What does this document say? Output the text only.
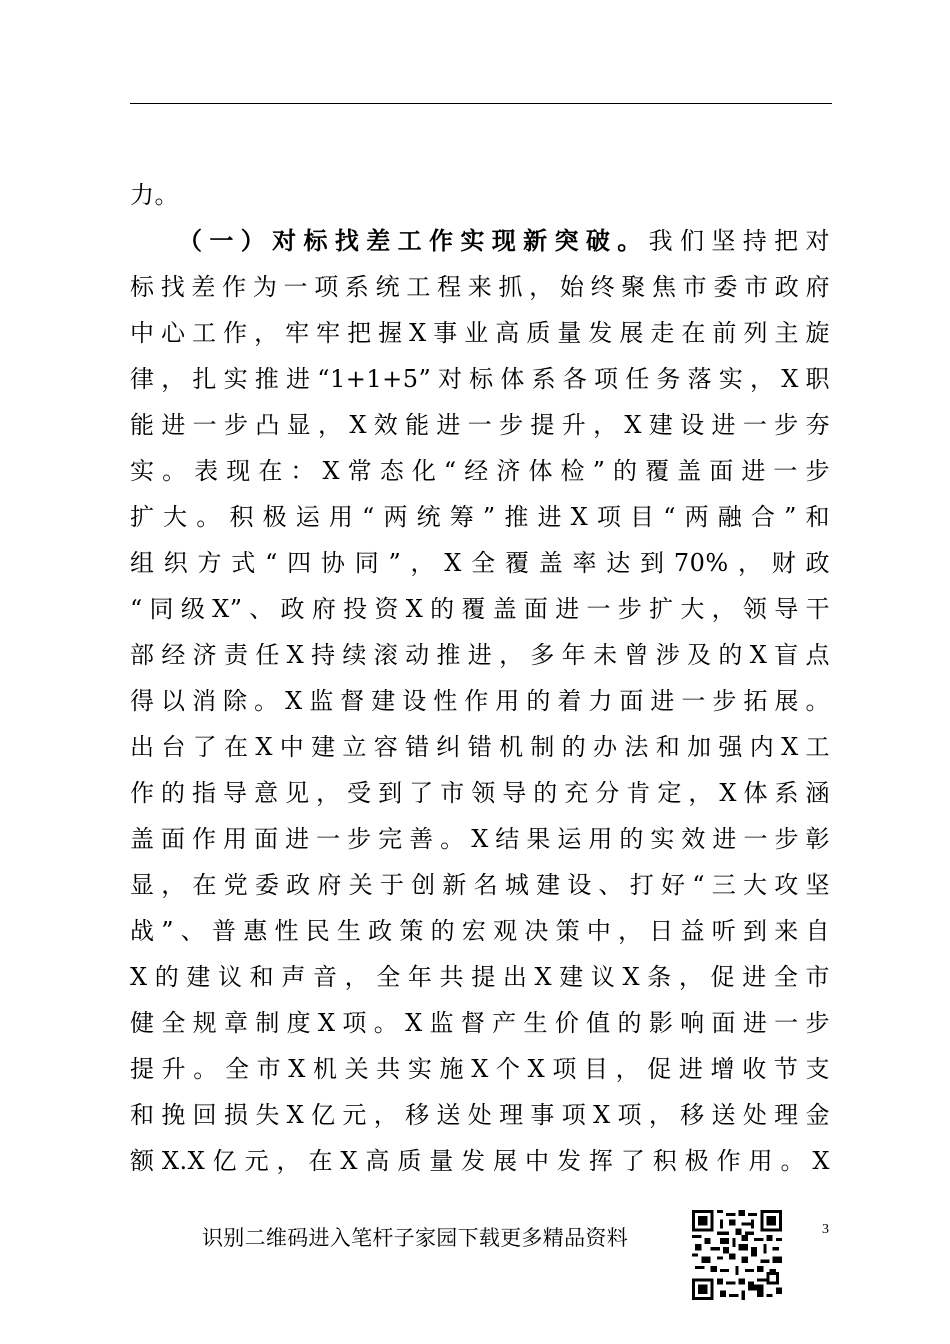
力。
（一）对标找差工作实现新突破。我们坚持把对
标找差作为一项系统工程来抓，始终聚焦市委市政府
中心工作，牢牢把握X事业高质量发展走在前列主旋
律，扎实推进“1+1+5”对标体系各项任务落实，X职
能进一步凸显，X效能进一步提升，X建设进一步夯
实。表现在：X常态化“经济体检”的覆盖面进一步
扩大。积极运用“两统筹”推进X项目“两融合”和
组织方式“四协同”，X全覆盖率达到70%，财政
“同级X”、政府投资X的覆盖面进一步扩大，领导干
部经济责任X持续滚动推进，多年未曾涉及的X盲点
得以消除。X监督建设性作用的着力面进一步拓展。
出台了在X中建立容错纠错机制的办法和加强内X工
作的指导意见，受到了市领导的充分肯定，X体系涵
盖面作用面进一步完善。X结果运用的实效进一步彰
显，在党委政府关于创新名城建设、打好“三大攻坚
战”、普惠性民生政策的宏观决策中，日益听到来自
X的建议和声音，全年共提出X建议X条，促进全市
健全规章制度X项。X监督产生价值的影响面进一步
提升。全市X机关共实施X个X项目，促进增收节支
和挽回损失X亿元，移送处理事项X项，移送处理金
额X.X亿元，在X高质量发展中发挥了积极作用。X
识别二维码进入笔杆子家园下载更多精品资料	3
